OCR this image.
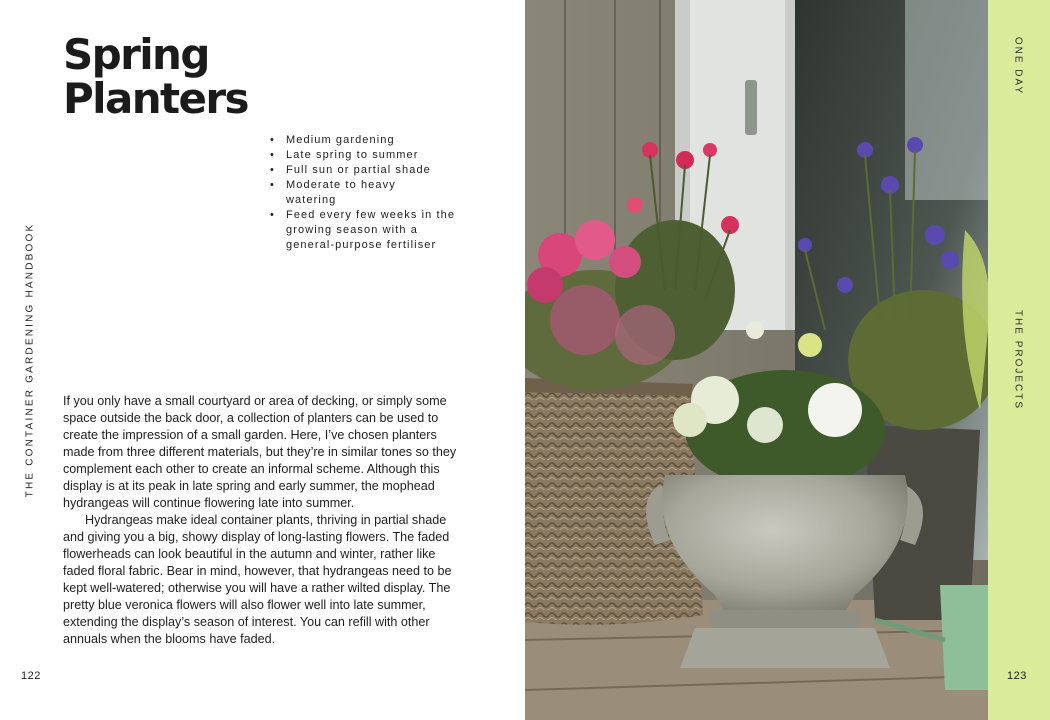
THE CONTAINER GARDENING HANDBOOK
Spring
Planters
• Medium gardening
• Late spring to summer
• Full sun or partial shade
• Moderate to heavy watering
• Feed every few weeks in the growing season with a general-purpose fertiliser

If you only have a small courtyard or area of decking, or simply some space outside the back door, a collection of planters can be used to create the impression of a small garden. Here, I’ve chosen planters made from three different materials, but they’re in similar tones so they complement each other to create an informal scheme. Although this display is at its peak in late spring and early summer, the mophead hydrangeas will continue flowering late into summer.

Hydrangeas make ideal container plants, thriving in partial shade and giving you a big, showy display of long-lasting flowers. The faded flowerheads can look beautiful in the autumn and winter, rather like faded floral fabric. Bear in mind, however, that hydrangeas need to be kept well-watered; otherwise you will have a rather wilted display. The pretty blue veronica flowers will also flower well into late summer, extending the display’s season of interest. You can refill with other annuals when the blooms have faded.

122
ONE DAY
THE PROJECTS
123
